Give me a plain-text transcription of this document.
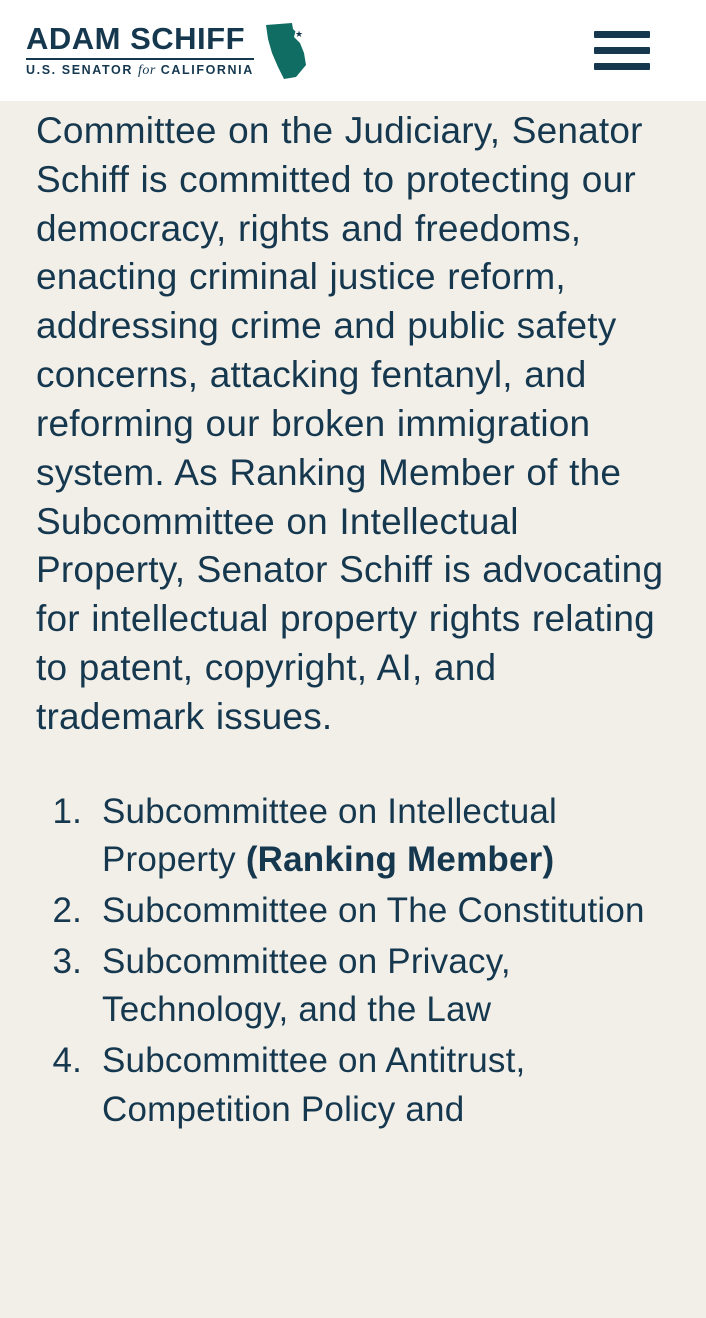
ADAM SCHIFF
U.S. SENATOR for CALIFORNIA
★

Committee on the Judiciary, Senator Schiff is committed to protecting our democracy, rights and freedoms, enacting criminal justice reform, addressing crime and public safety concerns, attacking fentanyl, and reforming our broken immigration system. As Ranking Member of the Subcommittee on Intellectual Property, Senator Schiff is advocating for intellectual property rights relating to patent, copyright, AI, and trademark issues.

1. Subcommittee on Intellectual Property (Ranking Member)
2. Subcommittee on The Constitution
3. Subcommittee on Privacy, Technology, and the Law
4. Subcommittee on Antitrust, Competition Policy and
